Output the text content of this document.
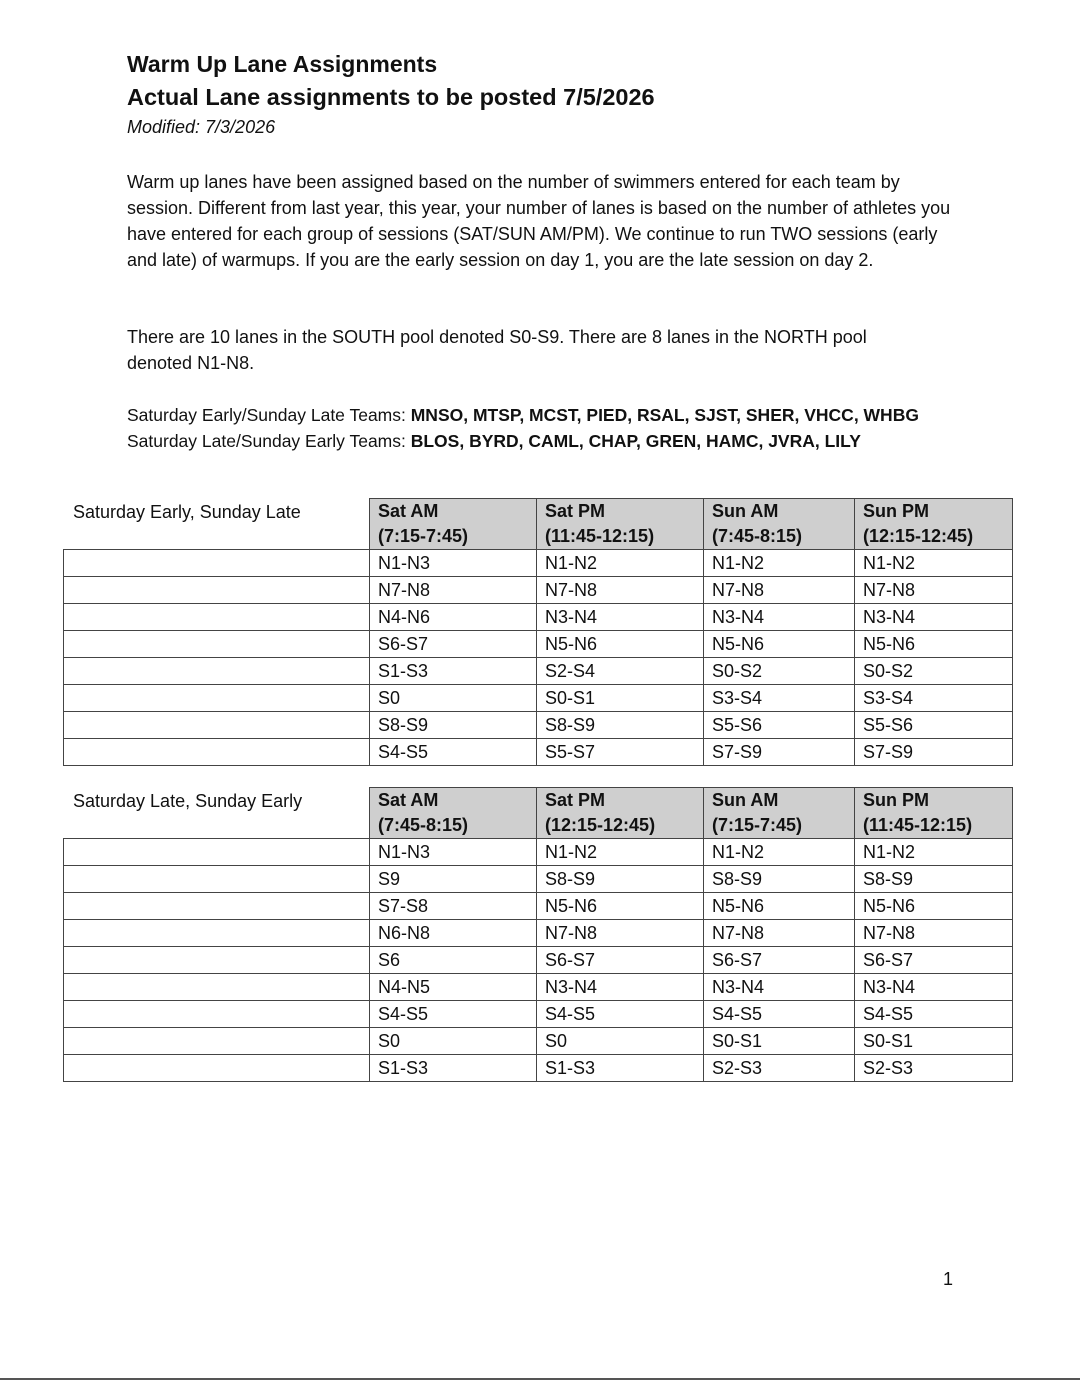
Warm Up Lane Assignments
Actual Lane assignments to be posted 7/5/2026
Modified: 7/3/2026

Warm up lanes have been assigned based on the number of swimmers entered for each team by session. Different from last year, this year, your number of lanes is based on the number of athletes you have entered for each group of sessions (SAT/SUN AM/PM). We continue to run TWO sessions (early and late) of warmups. If you are the early session on day 1, you are the late session on day 2.

There are 10 lanes in the SOUTH pool denoted S0-S9. There are 8 lanes in the NORTH pool denoted N1-N8.

Saturday Early/Sunday Late Teams: MNSO, MTSP, MCST, PIED, RSAL, SJST, SHER, VHCC, WHBG
Saturday Late/Sunday Early Teams: BLOS, BYRD, CAML, CHAP, GREN, HAMC, JVRA, LILY
Saturday Early, Sunday Late
		Sat AM	Sat PM	Sun AM	Sun PM
	(7:15-7:45)	(11:45-12:15)	(7:45-8:15)	(12:15-12:45)
	N1-N3	N1-N2	N1-N2	N1-N2
	N7-N8	N7-N8	N7-N8	N7-N8
	N4-N6	N3-N4	N3-N4	N3-N4
	S6-S7	N5-N6	N5-N6	N5-N6
	S1-S3	S2-S4	S0-S2	S0-S2
	S0	S0-S1	S3-S4	S3-S4
	S8-S9	S8-S9	S5-S6	S5-S6
	S4-S5	S5-S7	S7-S9	S7-S9
Saturday Late, Sunday Early
		Sat AM	Sat PM	Sun AM	Sun PM
	(7:45-8:15)	(12:15-12:45)	(7:15-7:45)	(11:45-12:15)
	N1-N3	N1-N2	N1-N2	N1-N2
	S9	S8-S9	S8-S9	S8-S9
	S7-S8	N5-N6	N5-N6	N5-N6
	N6-N8	N7-N8	N7-N8	N7-N8
	S6	S6-S7	S6-S7	S6-S7
	N4-N5	N3-N4	N3-N4	N3-N4
	S4-S5	S4-S5	S4-S5	S4-S5
	S0	S0	S0-S1	S0-S1
	S1-S3	S1-S3	S2-S3	S2-S3
1
